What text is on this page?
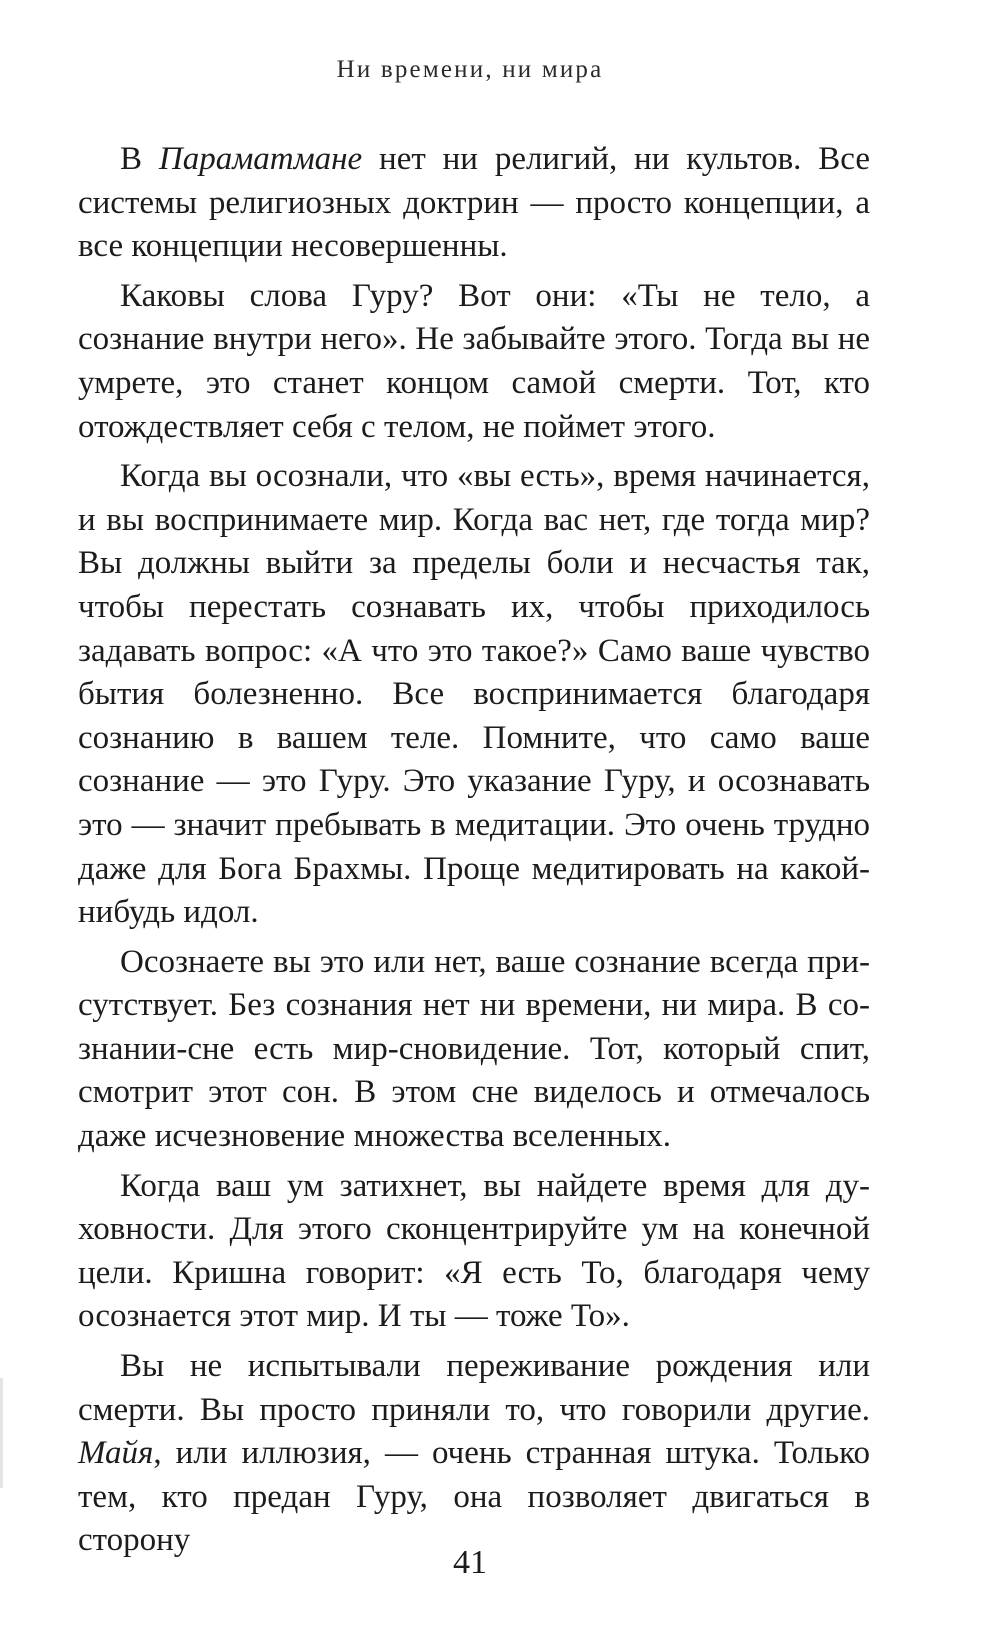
Ни времени, ни мира

В Параматмане нет ни религий, ни культов. Все системы религиозных доктрин — просто концепции, а все концепции несовершенны.

Каковы слова Гуру? Вот они: «Ты не тело, а сознание внутри него». Не забывайте этого. Тогда вы не умрете, это станет концом самой смерти. Тот, кто отождествляет себя с телом, не поймет этого.

Когда вы осознали, что «вы есть», время начинается, и вы воспринимаете мир. Когда вас нет, где тогда мир? Вы должны выйти за пределы боли и несчастья так, чтобы перестать сознавать их, чтобы приходилось задавать вопрос: «А что это такое?» Само ваше чувство бытия болезненно. Все воспринимается благодаря сознанию в вашем теле. Помните, что само ваше сознание — это Гуру. Это указание Гуру, и осознавать это — значит пребывать в медитации. Это очень трудно даже для Бога Брахмы. Проще медитировать на какой-нибудь идол.

Осознаете вы это или нет, ваше сознание всегда присутствует. Без сознания нет ни времени, ни мира. В сознании-сне есть мир-сновидение. Тот, который спит, смотрит этот сон. В этом сне виделось и отмечалось даже исчезновение множества вселенных.

Когда ваш ум затихнет, вы найдете время для духовности. Для этого сконцентрируйте ум на конечной цели. Кришна говорит: «Я есть То, благодаря чему осознается этот мир. И ты — тоже То».

Вы не испытывали переживание рождения или смерти. Вы просто приняли то, что говорили другие. Майя, или иллюзия, — очень странная штука. Только тем, кто предан Гуру, она позволяет двигаться в сторону

41
